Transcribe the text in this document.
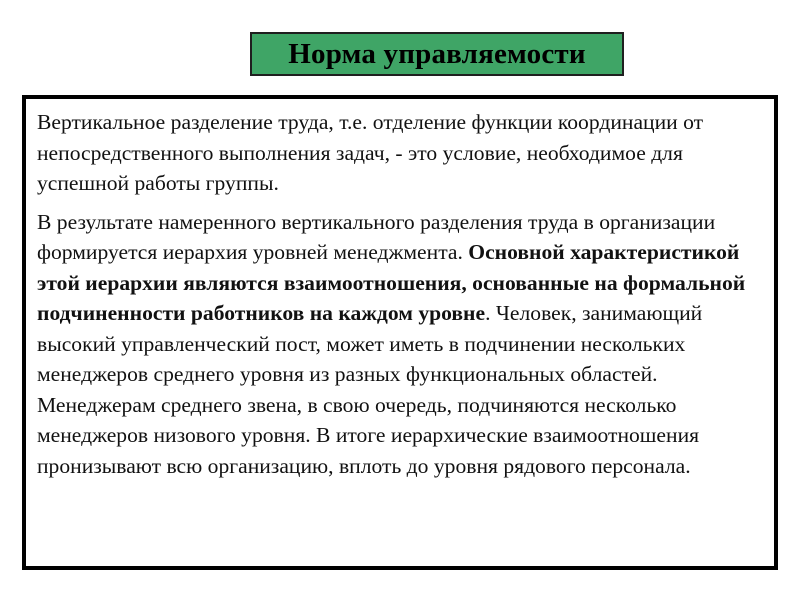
Норма управляемости

Вертикальное разделение труда, т.е. отделение функции координации от непосредственного выполнения задач, - это условие, необходимое для успешной работы группы.

В результате намеренного вертикального разделения труда в организации формируется иерархия уровней менеджмента. Основной характеристикой этой иерархии являются взаимоотношения, основанные на формальной подчиненности работников на каждом уровне. Человек, занимающий высокий управленческий пост, может иметь в подчинении нескольких менеджеров среднего уровня из разных функциональных областей. Менеджерам среднего звена, в свою очередь, подчиняются несколько менеджеров низового уровня. В итоге иерархические взаимоотношения пронизывают всю организацию, вплоть до уровня рядового персонала.
